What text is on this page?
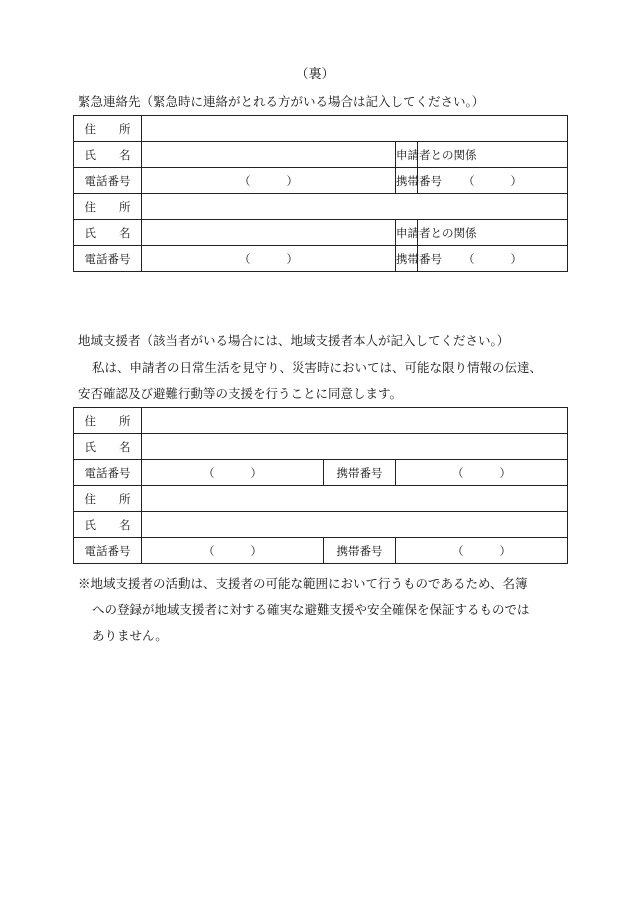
（裏）
緊急連絡先（緊急時に連絡がとれる方がいる場合は記入してください。）
住　所			
氏　名		申請者との関係	
電話番号	（ ）	携帯番号	（ ）
住　所			
氏　名		申請者との関係	
電話番号	（ ）	携帯番号	（ ）
地域支援者（該当者がいる場合には、地域支援者本人が記入してください。）
私は、申請者の日常生活を見守り、災害時においては、可能な限り情報の伝達、
安否確認及び避難行動等の支援を行うことに同意します。
住　所			
氏　名			
電話番号	（ ）	携帯番号	（ ）
住　所			
氏　名			
電話番号	（ ）	携帯番号	（ ）
※地域支援者の活動は、支援者の可能な範囲において行うものであるため、名簿
への登録が地域支援者に対する確実な避難支援や安全確保を保証するものでは
ありません。
